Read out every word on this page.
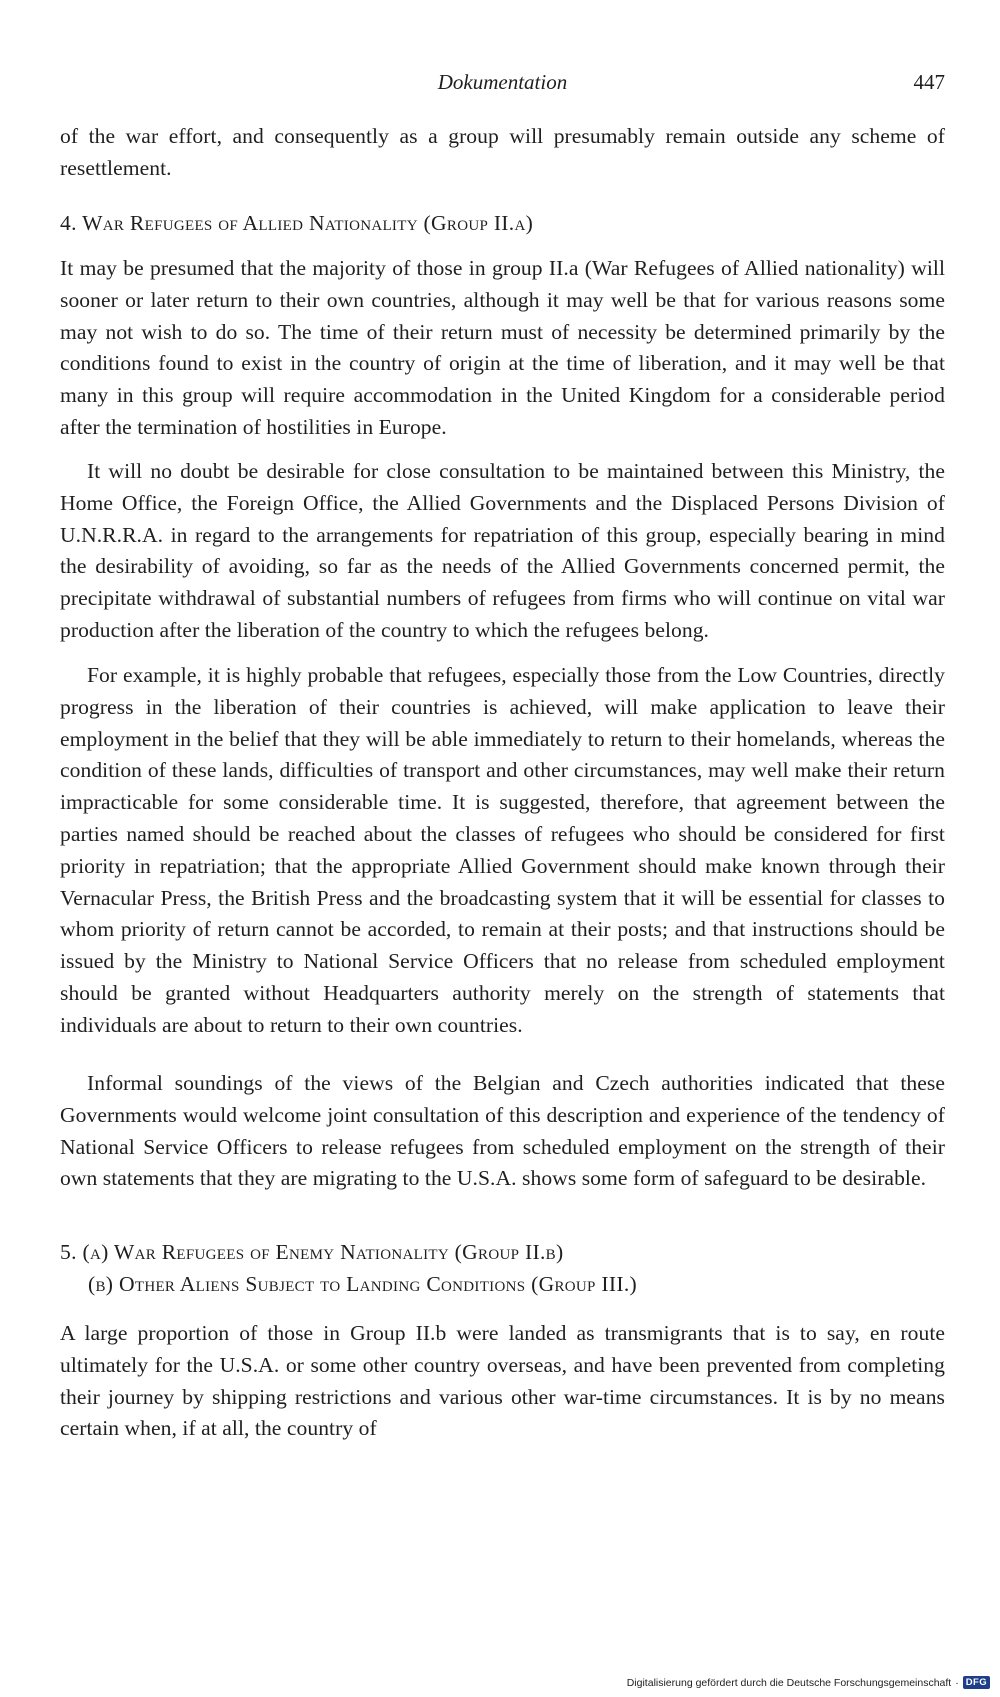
Dokumentation	447

of the war effort, and consequently as a group will presumably remain outside any scheme of resettlement.

4. War Refugees of Allied Nationality (Group II.a)

It may be presumed that the majority of those in group II.a (War Refugees of Allied nationality) will sooner or later return to their own countries, although it may well be that for various reasons some may not wish to do so. The time of their return must of necessity be determined primarily by the conditions found to exist in the country of origin at the time of liberation, and it may well be that many in this group will require accommodation in the United Kingdom for a considerable period after the termination of hostilities in Europe.

It will no doubt be desirable for close consultation to be maintained between this Ministry, the Home Office, the Foreign Office, the Allied Governments and the Displaced Persons Division of U.N.R.R.A. in regard to the arrangements for repatriation of this group, especially bearing in mind the desirability of avoiding, so far as the needs of the Allied Governments concerned permit, the precipitate withdrawal of substantial numbers of refugees from firms who will continue on vital war production after the liberation of the country to which the refugees belong.

For example, it is highly probable that refugees, especially those from the Low Countries, directly progress in the liberation of their countries is achieved, will make application to leave their employment in the belief that they will be able immediately to return to their homelands, whereas the condition of these lands, difficulties of transport and other circumstances, may well make their return impracticable for some considerable time. It is suggested, therefore, that agreement between the parties named should be reached about the classes of refugees who should be considered for first priority in repatriation; that the appropriate Allied Government should make known through their Vernacular Press, the British Press and the broadcasting system that it will be essential for classes to whom priority of return cannot be accorded, to remain at their posts; and that instructions should be issued by the Ministry to National Service Officers that no release from scheduled employment should be granted without Headquarters authority merely on the strength of statements that individuals are about to return to their own countries.

Informal soundings of the views of the Belgian and Czech authorities indicated that these Governments would welcome joint consultation of this description and experience of the tendency of National Service Officers to release refugees from scheduled employment on the strength of their own statements that they are migrating to the U.S.A. shows some form of safeguard to be desirable.

5. (a) War Refugees of Enemy Nationality (Group II.b)
(b) Other Aliens Subject to Landing Conditions (Group III.)

A large proportion of those in Group II.b were landed as transmigrants that is to say, en route ultimately for the U.S.A. or some other country overseas, and have been prevented from completing their journey by shipping restrictions and various other war-time circumstances. It is by no means certain when, if at all, the country of

Digitalisierung gefördert durch die Deutsche Forschungsgemeinschaft · DFG
